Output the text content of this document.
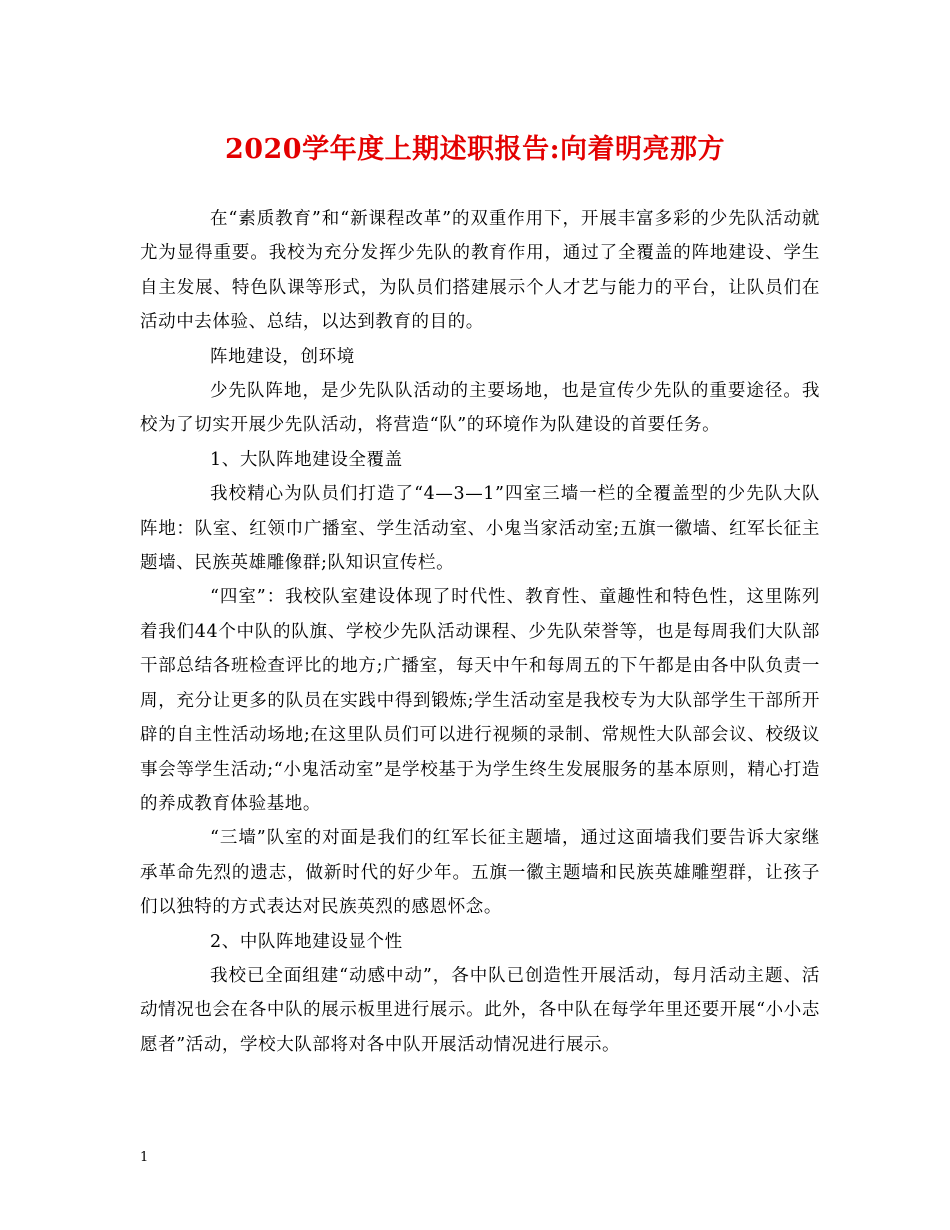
2020学年度上期述职报告:向着明亮那方

在“素质教育”和“新课程改革”的双重作用下，开展丰富多彩的少先队活动就尤为显得重要。我校为充分发挥少先队的教育作用，通过了全覆盖的阵地建设、学生自主发展、特色队课等形式，为队员们搭建展示个人才艺与能力的平台，让队员们在活动中去体验、总结，以达到教育的目的。

阵地建设，创环境

少先队阵地，是少先队队活动的主要场地，也是宣传少先队的重要途径。我校为了切实开展少先队活动，将营造“队”的环境作为队建设的首要任务。

1、大队阵地建设全覆盖

我校精心为队员们打造了“4—3—1”四室三墙一栏的全覆盖型的少先队大队阵地：队室、红领巾广播室、学生活动室、小鬼当家活动室;五旗一徽墙、红军长征主题墙、民族英雄雕像群;队知识宣传栏。

“四室”：我校队室建设体现了时代性、教育性、童趣性和特色性，这里陈列着我们44个中队的队旗、学校少先队活动课程、少先队荣誉等，也是每周我们大队部干部总结各班检查评比的地方;广播室，每天中午和每周五的下午都是由各中队负责一周，充分让更多的队员在实践中得到锻炼;学生活动室是我校专为大队部学生干部所开辟的自主性活动场地;在这里队员们可以进行视频的录制、常规性大队部会议、校级议事会等学生活动;“小鬼活动室”是学校基于为学生终生发展服务的基本原则，精心打造的养成教育体验基地。

“三墙”队室的对面是我们的红军长征主题墙，通过这面墙我们要告诉大家继承革命先烈的遗志，做新时代的好少年。五旗一徽主题墙和民族英雄雕塑群，让孩子们以独特的方式表达对民族英烈的感恩怀念。

2、中队阵地建设显个性

我校已全面组建“动感中动”，各中队已创造性开展活动，每月活动主题、活动情况也会在各中队的展示板里进行展示。此外，各中队在每学年里还要开展“小小志愿者”活动，学校大队部将对各中队开展活动情况进行展示。

1
